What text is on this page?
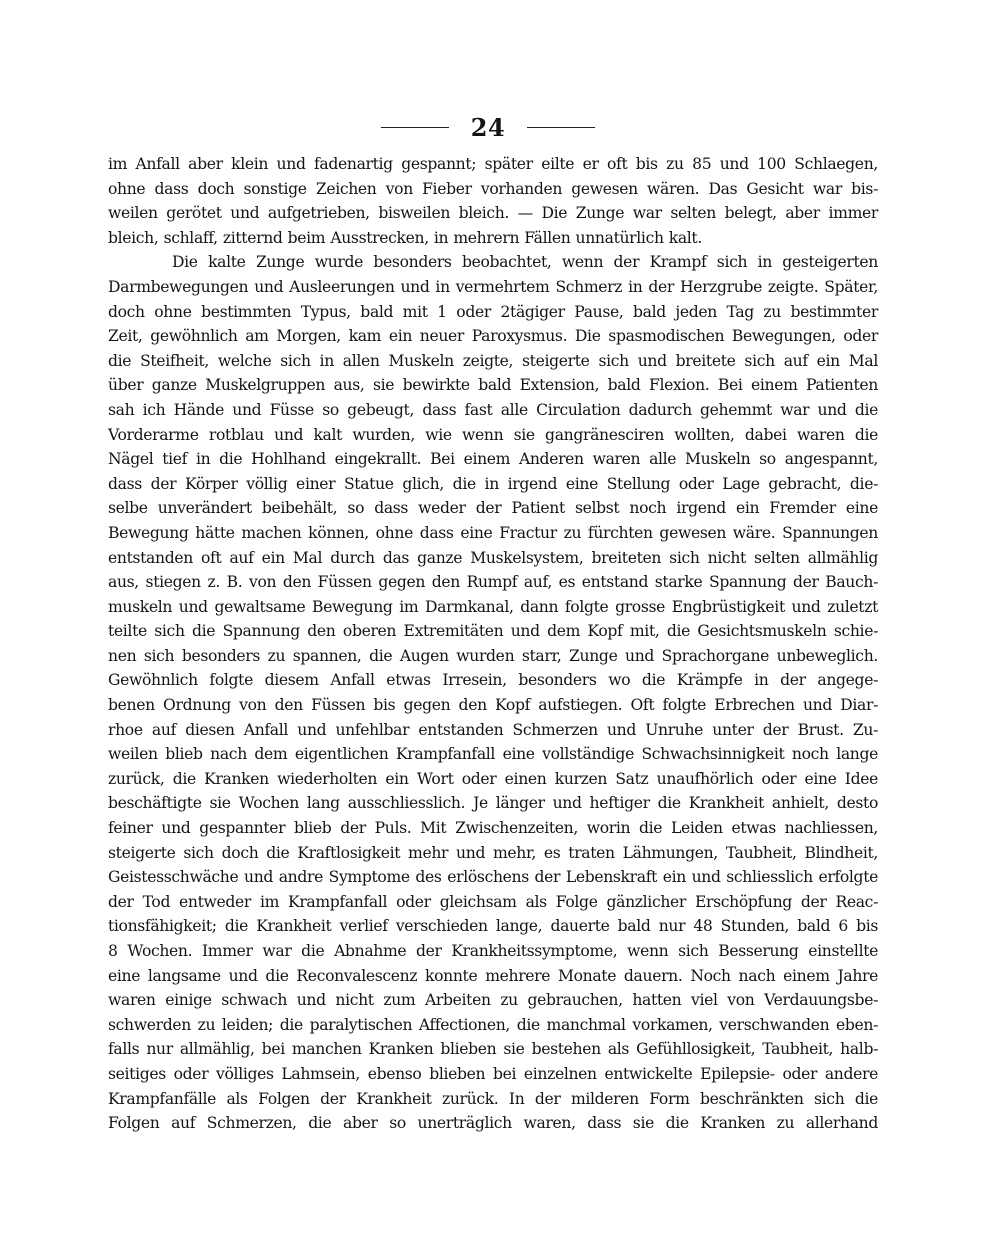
24
im Anfall aber klein und fadenartig gespannt; später eilte er oft bis zu 85 und 100 Schlaegen,
ohne dass doch sonstige Zeichen von Fieber vorhanden gewesen wären. Das Gesicht war bis-
weilen gerötet und aufgetrieben, bisweilen bleich. — Die Zunge war selten belegt, aber immer
bleich, schlaff, zitternd beim Ausstrecken, in mehrern Fällen unnatürlich kalt.
Die kalte Zunge wurde besonders beobachtet, wenn der Krampf sich in gesteigerten
Darmbewegungen und Ausleerungen und in vermehrtem Schmerz in der Herzgrube zeigte. Später,
doch ohne bestimmten Typus, bald mit 1 oder 2tägiger Pause, bald jeden Tag zu bestimmter
Zeit, gewöhnlich am Morgen, kam ein neuer Paroxysmus. Die spasmodischen Bewegungen, oder
die Steifheit, welche sich in allen Muskeln zeigte, steigerte sich und breitete sich auf ein Mal
über ganze Muskelgruppen aus, sie bewirkte bald Extension, bald Flexion. Bei einem Patienten
sah ich Hände und Füsse so gebeugt, dass fast alle Circulation dadurch gehemmt war und die
Vorderarme rotblau und kalt wurden, wie wenn sie gangränesciren wollten, dabei waren die
Nägel tief in die Hohlhand eingekrallt. Bei einem Anderen waren alle Muskeln so angespannt,
dass der Körper völlig einer Statue glich, die in irgend eine Stellung oder Lage gebracht, die-
selbe unverändert beibehält, so dass weder der Patient selbst noch irgend ein Fremder eine
Bewegung hätte machen können, ohne dass eine Fractur zu fürchten gewesen wäre. Spannungen
entstanden oft auf ein Mal durch das ganze Muskelsystem, breiteten sich nicht selten allmählig
aus, stiegen z. B. von den Füssen gegen den Rumpf auf, es entstand starke Spannung der Bauch-
muskeln und gewaltsame Bewegung im Darmkanal, dann folgte grosse Engbrüstigkeit und zuletzt
teilte sich die Spannung den oberen Extremitäten und dem Kopf mit, die Gesichtsmuskeln schie-
nen sich besonders zu spannen, die Augen wurden starr, Zunge und Sprachorgane unbeweglich.
Gewöhnlich folgte diesem Anfall etwas Irresein, besonders wo die Krämpfe in der angege-
benen Ordnung von den Füssen bis gegen den Kopf aufstiegen. Oft folgte Erbrechen und Diar-
rhoe auf diesen Anfall und unfehlbar entstanden Schmerzen und Unruhe unter der Brust. Zu-
weilen blieb nach dem eigentlichen Krampfanfall eine vollständige Schwachsinnigkeit noch lange
zurück, die Kranken wiederholten ein Wort oder einen kurzen Satz unaufhörlich oder eine Idee
beschäftigte sie Wochen lang ausschliesslich. Je länger und heftiger die Krankheit anhielt, desto
feiner und gespannter blieb der Puls. Mit Zwischenzeiten, worin die Leiden etwas nachliessen,
steigerte sich doch die Kraftlosigkeit mehr und mehr, es traten Lähmungen, Taubheit, Blindheit,
Geistesschwäche und andre Symptome des erlöschens der Lebenskraft ein und schliesslich erfolgte
der Tod entweder im Krampfanfall oder gleichsam als Folge gänzlicher Erschöpfung der Reac-
tionsfähigkeit; die Krankheit verlief verschieden lange, dauerte bald nur 48 Stunden, bald 6 bis
8 Wochen. Immer war die Abnahme der Krankheitssymptome, wenn sich Besserung einstellte
eine langsame und die Reconvalescenz konnte mehrere Monate dauern. Noch nach einem Jahre
waren einige schwach und nicht zum Arbeiten zu gebrauchen, hatten viel von Verdauungsbe-
schwerden zu leiden; die paralytischen Affectionen, die manchmal vorkamen, verschwanden eben-
falls nur allmählig, bei manchen Kranken blieben sie bestehen als Gefühllosigkeit, Taubheit, halb-
seitiges oder völliges Lahmsein, ebenso blieben bei einzelnen entwickelte Epilepsie- oder andere
Krampfanfälle als Folgen der Krankheit zurück. In der milderen Form beschränkten sich die
Folgen auf Schmerzen, die aber so unerträglich waren, dass sie die Kranken zu allerhand
